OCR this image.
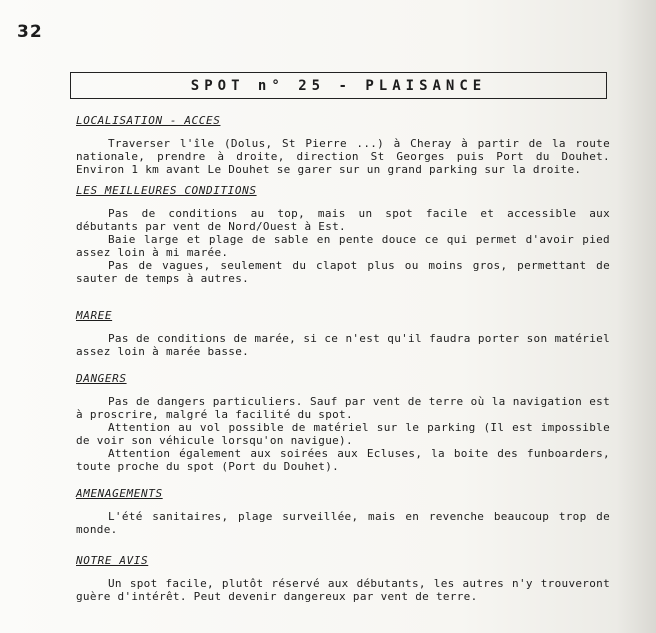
32
SPOT n° 25 - PLAISANCE
LOCALISATION - ACCES

Traverser l'île (Dolus, St Pierre ...) à Cheray à partir de la route nationale, prendre à droite, direction St Georges puis Port du Douhet. Environ 1 km avant Le Douhet se garer sur un grand parking sur la droite.

LES MEILLEURES CONDITIONS

Pas de conditions au top, mais un spot facile et accessible aux débutants par vent de Nord/Ouest à Est.

Baie large et plage de sable en pente douce ce qui permet d'avoir pied assez loin à mi marée.

Pas de vagues, seulement du clapot plus ou moins gros, permettant de sauter de temps à autres.

MAREE

Pas de conditions de marée, si ce n'est qu'il faudra porter son matériel assez loin à marée basse.

DANGERS

Pas de dangers particuliers. Sauf par vent de terre où la navigation est à proscrire, malgré la facilité du spot.

Attention au vol possible de matériel sur le parking (Il est impossible de voir son véhicule lorsqu'on navigue).

Attention également aux soirées aux Ecluses, la boite des funboarders, toute proche du spot (Port du Douhet).

AMENAGEMENTS

L'été sanitaires, plage surveillée, mais en revenche beaucoup trop de monde.

NOTRE AVIS

Un spot facile, plutôt réservé aux débutants, les autres n'y trouveront guère d'intérêt. Peut devenir dangereux par vent de terre.
